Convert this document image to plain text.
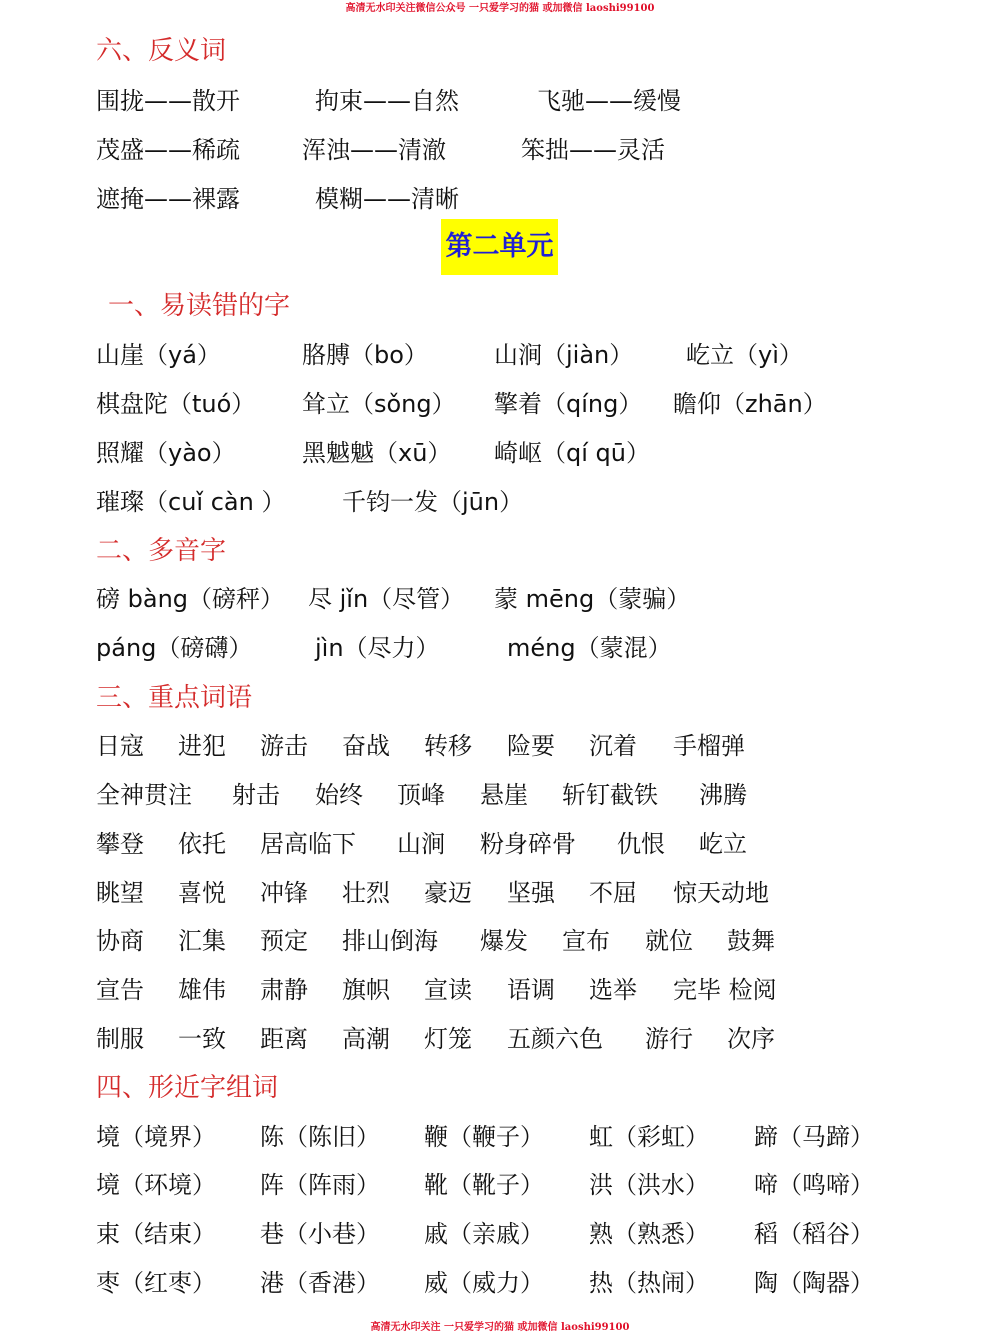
高清无水印关注微信公众号 一只爱学习的猫 或加微信 laoshi99100
六、反义词
围拢——散开	拘束——自然	飞驰——缓慢
茂盛——稀疏	浑浊——清澈	笨拙——灵活
遮掩——裸露	模糊——清晰
第二单元
一、易读错的字
山崖（yá）	胳膊（bo）	山涧（jiàn） 屹立（yì）
棋盘陀（tuó） 耸立（sǒng） 擎着（qíng） 瞻仰（zhān）
照耀（yào）	黑魆魆（xū） 崎岖（qí qū）
璀璨（cuǐ càn ） 千钧一发（jūn）
二、多音字
磅 bàng（磅秤） 尽 jǐn（尽管） 蒙 mēng（蒙骗）
páng（磅礴）	jìn（尽力）	méng（蒙混）
三、重点词语
日寇 进犯 游击 奋战 转移 险要 沉着 手榴弹
全神贯注 射击 始终 顶峰 悬崖 斩钉截铁 沸腾
攀登 依托 居高临下 山涧 粉身碎骨 仇恨 屹立
眺望 喜悦 冲锋 壮烈 豪迈 坚强 不屈 惊天动地
协商 汇集 预定 排山倒海 爆发 宣布 就位 鼓舞
宣告 雄伟 肃静 旗帜 宣读 语调 选举 完毕 检阅
制服 一致 距离 高潮 灯笼 五颜六色 游行 次序
四、形近字组词
境（境界） 陈（陈旧） 鞭（鞭子） 虹（彩虹） 蹄（马蹄）
境（环境） 阵（阵雨） 靴（靴子） 洪（洪水） 啼（鸣啼）
束（结束） 巷（小巷） 戚（亲戚） 熟（熟悉） 稻（稻谷）
枣（红枣） 港（香港） 威（威力） 热（热闹） 陶（陶器）
高清无水印关注 一只爱学习的猫 或加微信 laoshi99100
